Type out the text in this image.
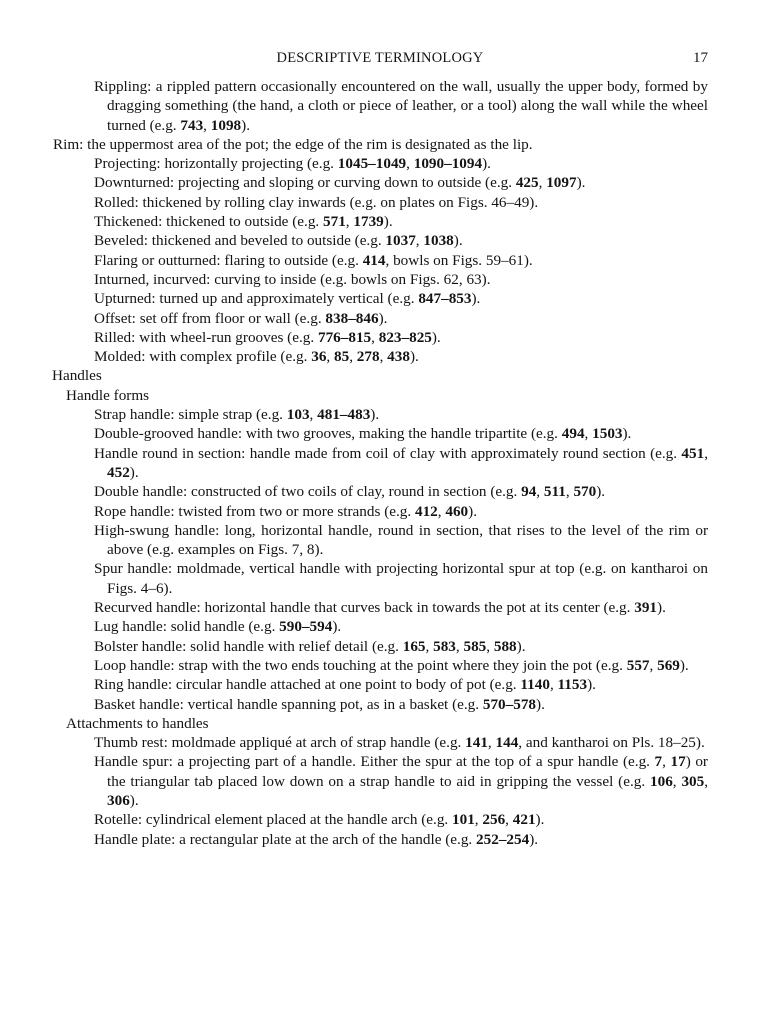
DESCRIPTIVE TERMINOLOGY	17

Rippling: a rippled pattern occasionally encountered on the wall, usually the upper body, formed by dragging something (the hand, a cloth or piece of leather, or a tool) along the wall while the wheel turned (e.g. 743, 1098).

Rim: the uppermost area of the pot; the edge of the rim is designated as the lip.

Projecting: horizontally projecting (e.g. 1045–1049, 1090–1094).

Downturned: projecting and sloping or curving down to outside (e.g. 425, 1097).

Rolled: thickened by rolling clay inwards (e.g. on plates on Figs. 46–49).

Thickened: thickened to outside (e.g. 571, 1739).

Beveled: thickened and beveled to outside (e.g. 1037, 1038).

Flaring or outturned: flaring to outside (e.g. 414, bowls on Figs. 59–61).

Inturned, incurved: curving to inside (e.g. bowls on Figs. 62, 63).

Upturned: turned up and approximately vertical (e.g. 847–853).

Offset: set off from floor or wall (e.g. 838–846).

Rilled: with wheel-run grooves (e.g. 776–815, 823–825).

Molded: with complex profile (e.g. 36, 85, 278, 438).

Handles

Handle forms

Strap handle: simple strap (e.g. 103, 481–483).

Double-grooved handle: with two grooves, making the handle tripartite (e.g. 494, 1503).

Handle round in section: handle made from coil of clay with approximately round section (e.g. 451, 452).

Double handle: constructed of two coils of clay, round in section (e.g. 94, 511, 570).

Rope handle: twisted from two or more strands (e.g. 412, 460).

High-swung handle: long, horizontal handle, round in section, that rises to the level of the rim or above (e.g. examples on Figs. 7, 8).

Spur handle: moldmade, vertical handle with projecting horizontal spur at top (e.g. on kantharoi on Figs. 4–6).

Recurved handle: horizontal handle that curves back in towards the pot at its center (e.g. 391).

Lug handle: solid handle (e.g. 590–594).

Bolster handle: solid handle with relief detail (e.g. 165, 583, 585, 588).

Loop handle: strap with the two ends touching at the point where they join the pot (e.g. 557, 569).

Ring handle: circular handle attached at one point to body of pot (e.g. 1140, 1153).

Basket handle: vertical handle spanning pot, as in a basket (e.g. 570–578).

Attachments to handles

Thumb rest: moldmade appliqué at arch of strap handle (e.g. 141, 144, and kantharoi on Pls. 18–25).

Handle spur: a projecting part of a handle. Either the spur at the top of a spur handle (e.g. 7, 17) or the triangular tab placed low down on a strap handle to aid in gripping the vessel (e.g. 106, 305, 306).

Rotelle: cylindrical element placed at the handle arch (e.g. 101, 256, 421).

Handle plate: a rectangular plate at the arch of the handle (e.g. 252–254).
